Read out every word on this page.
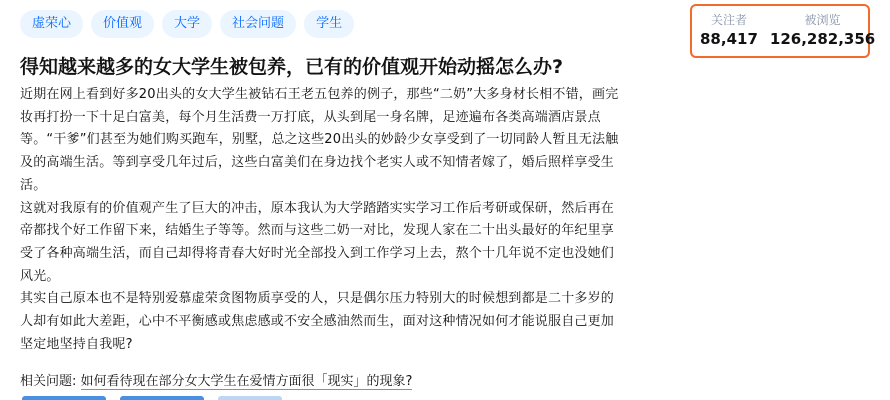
虚荣心	价值观	大学	社会问题	学生	关注者
88,417
被浏览
126,282,356
得知越来越多的女大学生被包养，已有的价值观开始动摇怎么办?

近期在网上看到好多20出头的女大学生被钻石王老五包养的例子，那些“二奶”大多身材长相不错，画完妆再打扮一下十足白富美，每个月生活费一万打底，从头到尾一身名牌，足迹遍布各类高端酒店景点等。“干爹”们甚至为她们购买跑车，别墅，总之这些20出头的妙龄少女享受到了一切同龄人暂且无法触及的高端生活。等到享受几年过后，这些白富美们在身边找个老实人或不知情者嫁了，婚后照样享受生活。

这就对我原有的价值观产生了巨大的冲击，原本我认为大学踏踏实实学习工作后考研或保研，然后再在帝都找个好工作留下来，结婚生子等等。然而与这些二奶一对比，发现人家在二十出头最好的年纪里享受了各种高端生活，而自己却得将青春大好时光全部投入到工作学习上去，熬个十几年说不定也没她们风光。

其实自己原本也不是特别爱慕虚荣贪图物质享受的人，只是偶尔压力特别大的时候想到都是二十多岁的人却有如此大差距，心中不平衡感或焦虑感或不安全感油然而生，面对这种情况如何才能说服自己更加坚定地坚持自我呢?

相关问题: 如何看待现在部分女大学生在爱情方面很「现实」的现象?
